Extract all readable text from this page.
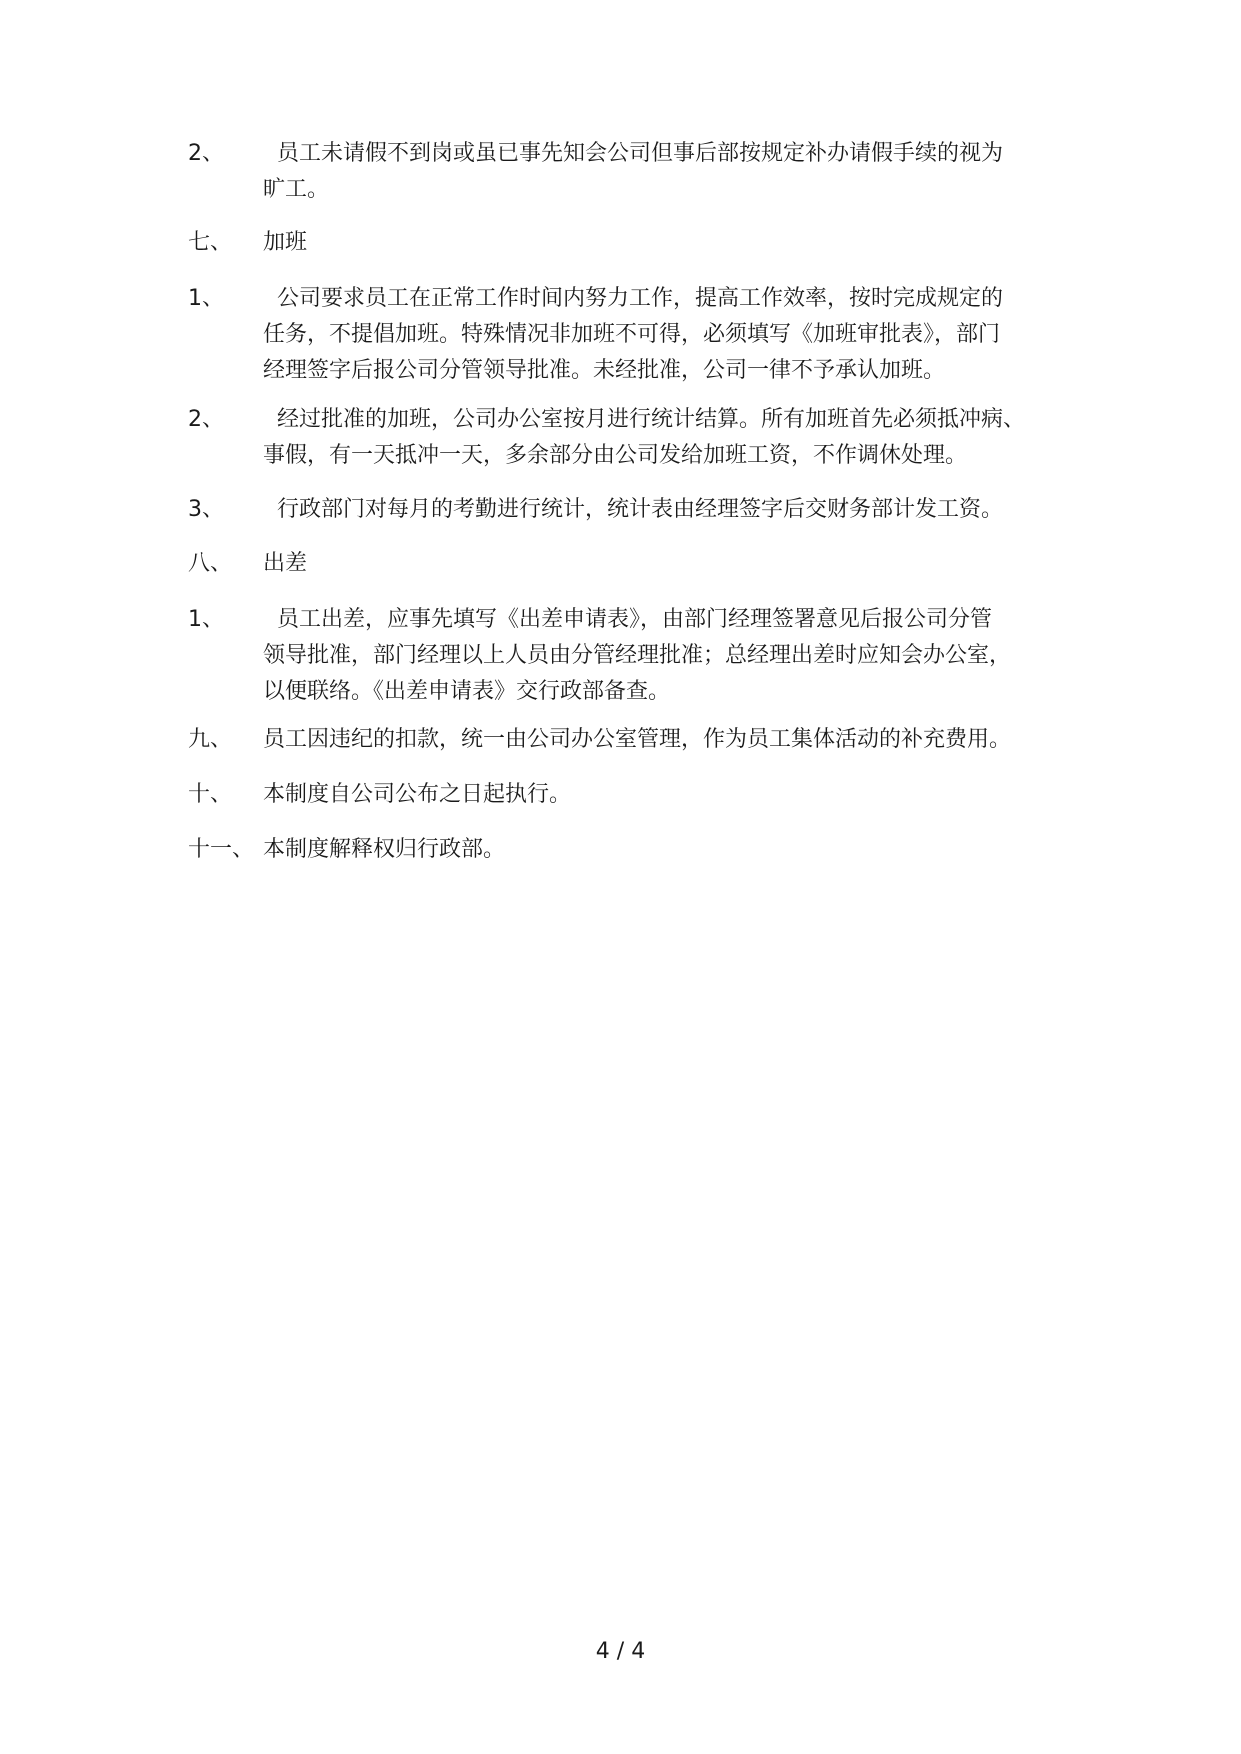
2、	员工未请假不到岗或虽已事先知会公司但事后部按规定补办请假手续的视为
旷工。
七、 加班
1、	公司要求员工在正常工作时间内努力工作，提高工作效率，按时完成规定的
任务，不提倡加班。特殊情况非加班不可得，必须填写《加班审批表》，部门
经理签字后报公司分管领导批准。未经批准，公司一律不予承认加班。
2、	经过批准的加班，公司办公室按月进行统计结算。所有加班首先必须抵冲病、
事假，有一天抵冲一天，多余部分由公司发给加班工资，不作调休处理。
3、	行政部门对每月的考勤进行统计，统计表由经理签字后交财务部计发工资。
八、 出差
1、	员工出差，应事先填写《出差申请表》，由部门经理签署意见后报公司分管
领导批准，部门经理以上人员由分管经理批准；总经理出差时应知会办公室，
以便联络。《出差申请表》交行政部备查。
九、 员工因违纪的扣款，统一由公司办公室管理，作为员工集体活动的补充费用。
十、 本制度自公司公布之日起执行。
十一、 本制度解释权归行政部。
4 / 4
